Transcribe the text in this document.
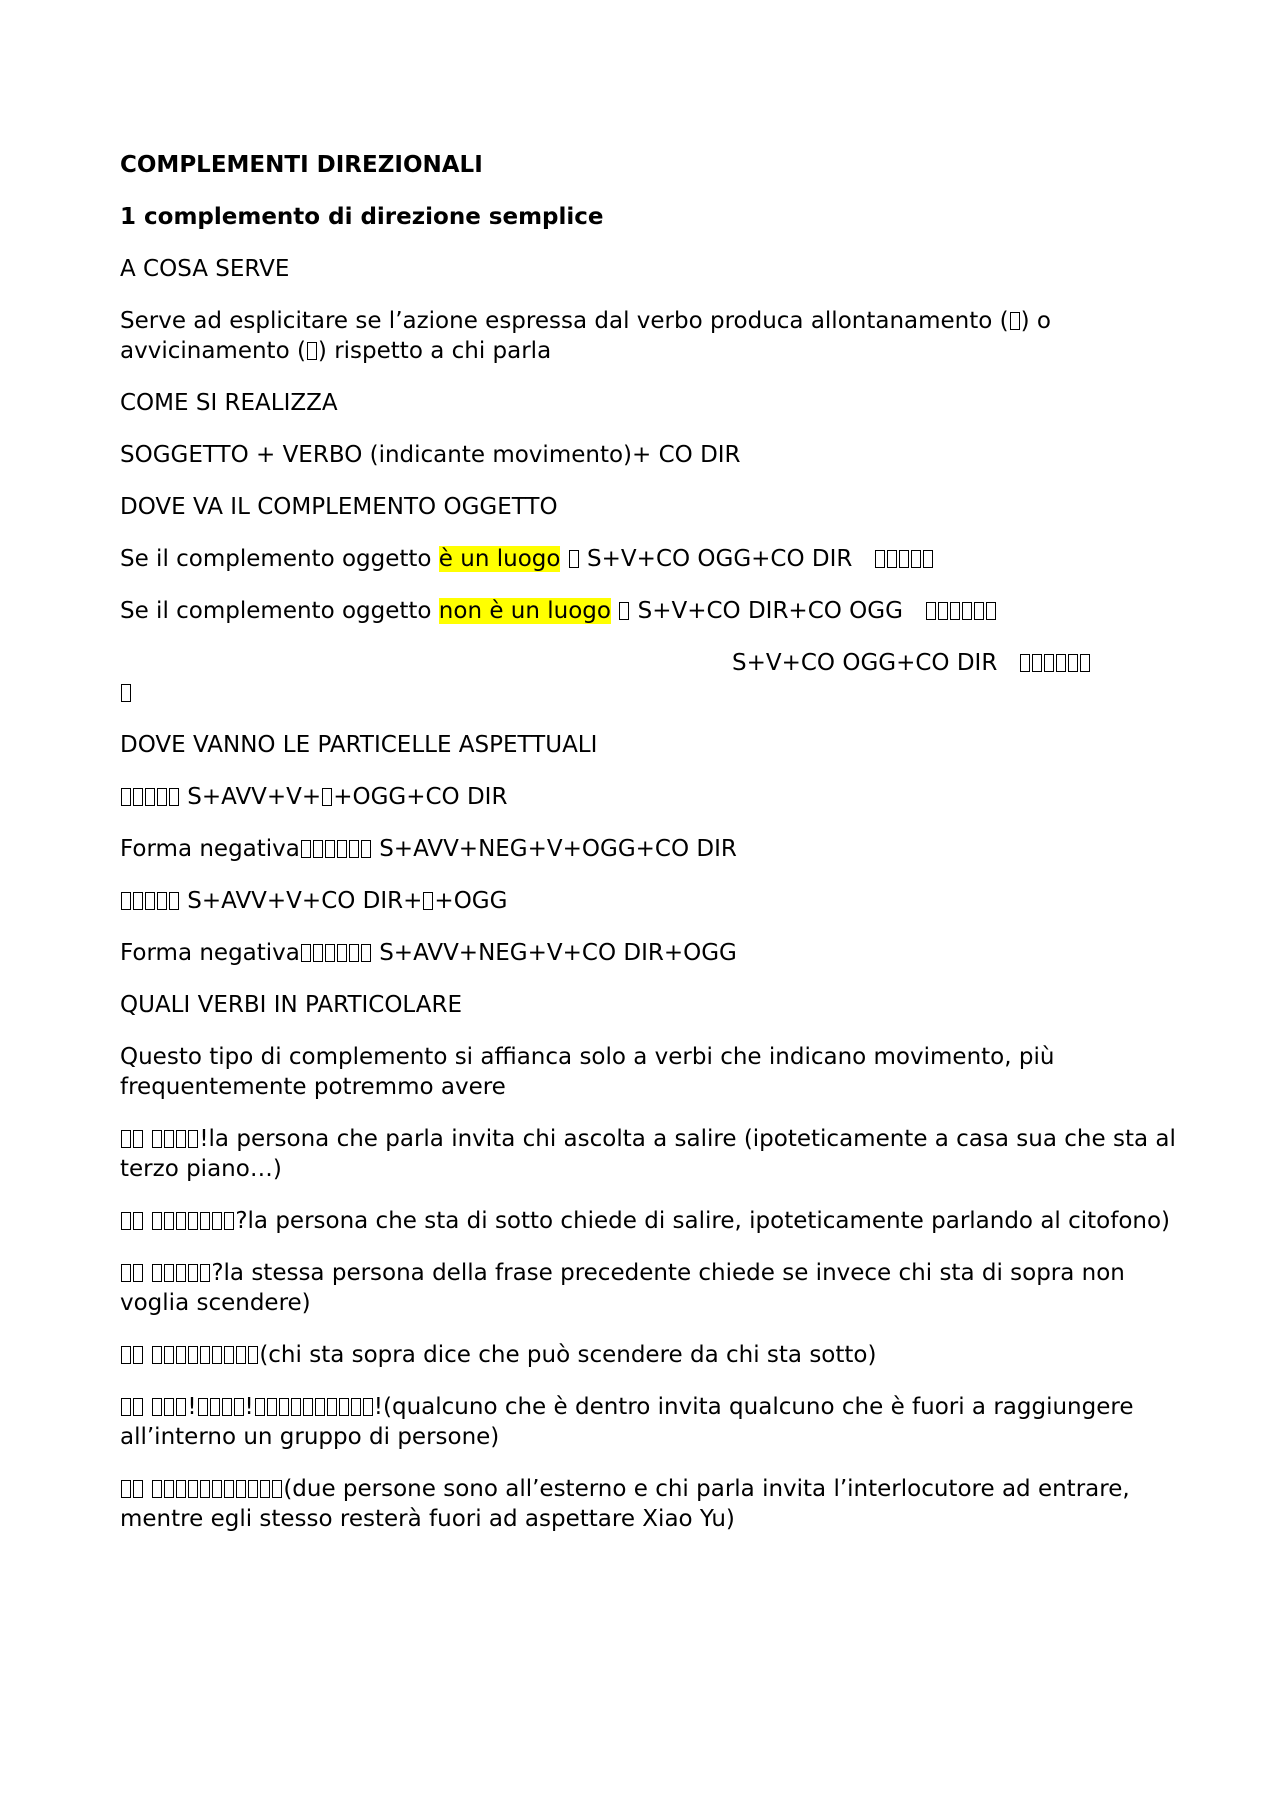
COMPLEMENTI DIREZIONALI

1 complemento di direzione semplice

A COSA SERVE

Serve ad esplicitare se l’azione espressa dal verbo produca allontanamento ( ) o
avvicinamento ( ) rispetto a chi parla

COME SI REALIZZA

SOGGETTO + VERBO (indicante movimento)+ CO DIR

DOVE VA IL COMPLEMENTO OGGETTO

Se il complemento oggetto è un luogo  S+V+CO OGG+CO DIR

Se il complemento oggetto non è un luogo  S+V+CO DIR+CO OGG

S+V+CO OGG+CO DIR

DOVE VANNO LE PARTICELLE ASPETTUALI

S+AVV+V+ +OGG+CO DIR

Forma negativa	S+AVV+NEG+V+OGG+CO DIR

S+AVV+V+CO DIR+ +OGG

Forma negativa	S+AVV+NEG+V+CO DIR+OGG

QUALI VERBI IN PARTICOLARE

Questo tipo di complemento si affianca solo a verbi che indicano movimento, più frequentemente potremmo avere

!la persona che parla invita chi ascolta a salire (ipoteticamente a casa sua che sta al terzo piano…)

?la persona che sta di sotto chiede di salire, ipoteticamente parlando al citofono)

?la stessa persona della frase precedente chiede se invece chi sta di sopra non voglia scendere)

(chi sta sopra dice che può scendere da chi sta sotto)

! !	!(qualcuno che è dentro invita qualcuno che è fuori a raggiungere all’interno un gruppo di persone)

(due persone sono all’esterno e chi parla invita l’interlocutore ad entrare, mentre egli stesso resterà fuori ad aspettare Xiao Yu)
